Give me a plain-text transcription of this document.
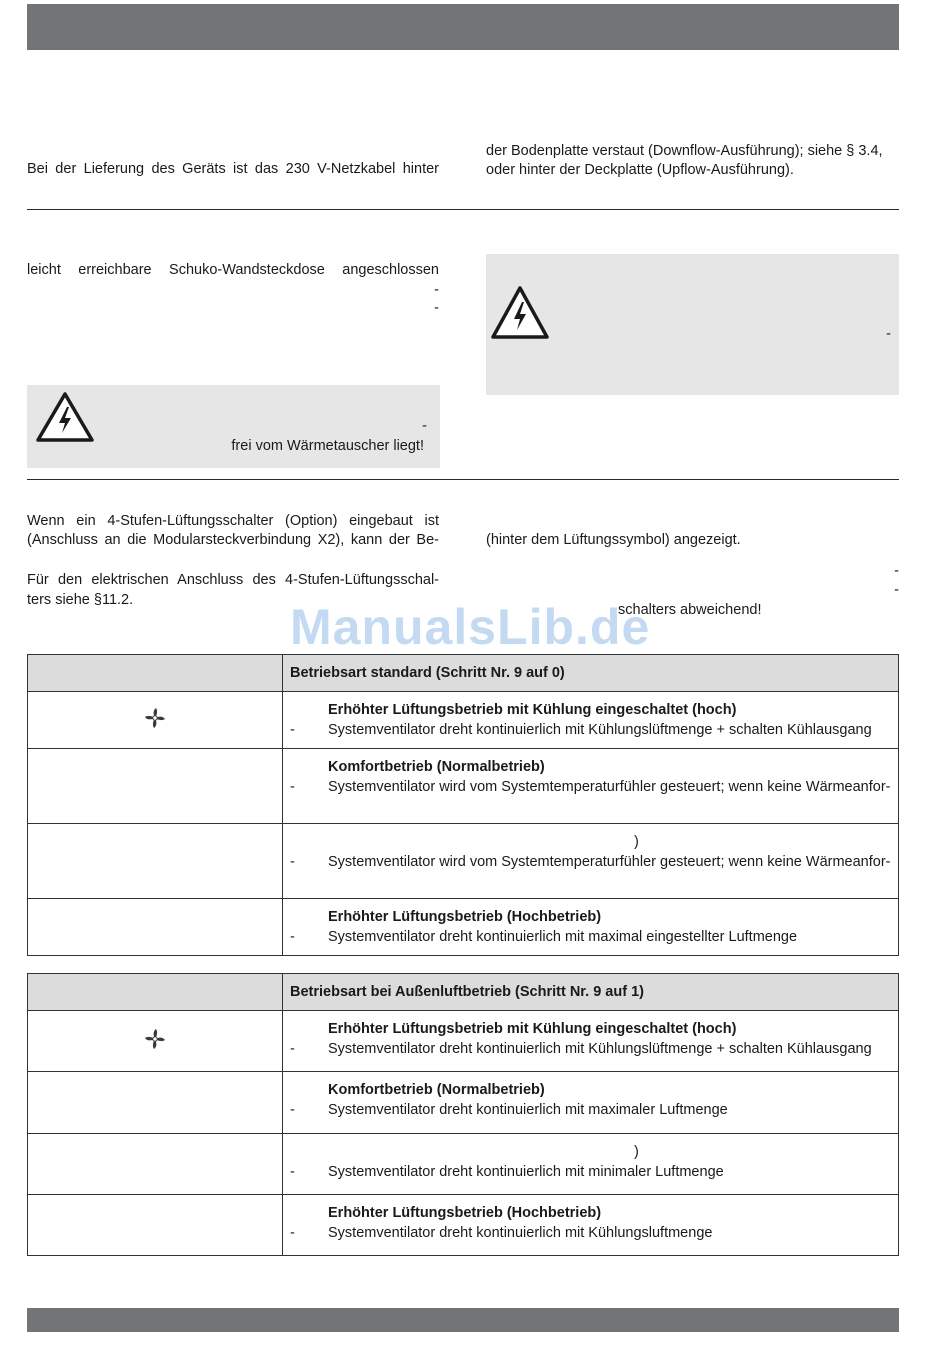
Bei der Lieferung des Geräts ist das 230 V-Netzkabel hinter
der Bodenplatte verstaut (Downflow-Ausführung); siehe § 3.4,
oder hinter der Deckplatte (Upflow-Ausführung).
leicht erreichbare Schuko-Wandsteckdose angeschlossen
-
-
-
frei vom Wärmetauscher liegt!
-
Wenn ein 4-Stufen-Lüftungsschalter (Option) eingebaut ist
(Anschluss an die Modularsteckverbindung X2), kann der Be-
Für den elektrischen Anschluss des 4-Stufen-Lüftungsschal-
ters siehe §11.2.
(hinter dem Lüftungssymbol) angezeigt.
-
-
schalters abweichend!
ManualsLib.de
	Betriebsart standard (Schritt Nr. 9 auf 0)

Erhöhter Lüftungsbetrieb mit Kühlung eingeschaltet (hoch)
- Systemventilator dreht kontinuierlich mit Kühlungslüftmenge + schalten Kühlausgang

	Komfortbetrieb (Normalbetrieb)
- Systemventilator wird vom Systemtemperaturfühler gesteuert; wenn keine Wärmeanfor-

	)
- Systemventilator wird vom Systemtemperaturfühler gesteuert; wenn keine Wärmeanfor-

	Erhöhter Lüftungsbetrieb (Hochbetrieb)
- Systemventilator dreht kontinuierlich mit maximal eingestellter Luftmenge
	Betriebsart bei Außenluftbetrieb (Schritt Nr. 9 auf 1)

Erhöhter Lüftungsbetrieb mit Kühlung eingeschaltet (hoch)
- Systemventilator dreht kontinuierlich mit Kühlungslüftmenge + schalten Kühlausgang

	Komfortbetrieb (Normalbetrieb)
- Systemventilator dreht kontinuierlich mit maximaler Luftmenge

	)
- Systemventilator dreht kontinuierlich mit minimaler Luftmenge

	Erhöhter Lüftungsbetrieb (Hochbetrieb)
- Systemventilator dreht kontinuierlich mit Kühlungsluftmenge
